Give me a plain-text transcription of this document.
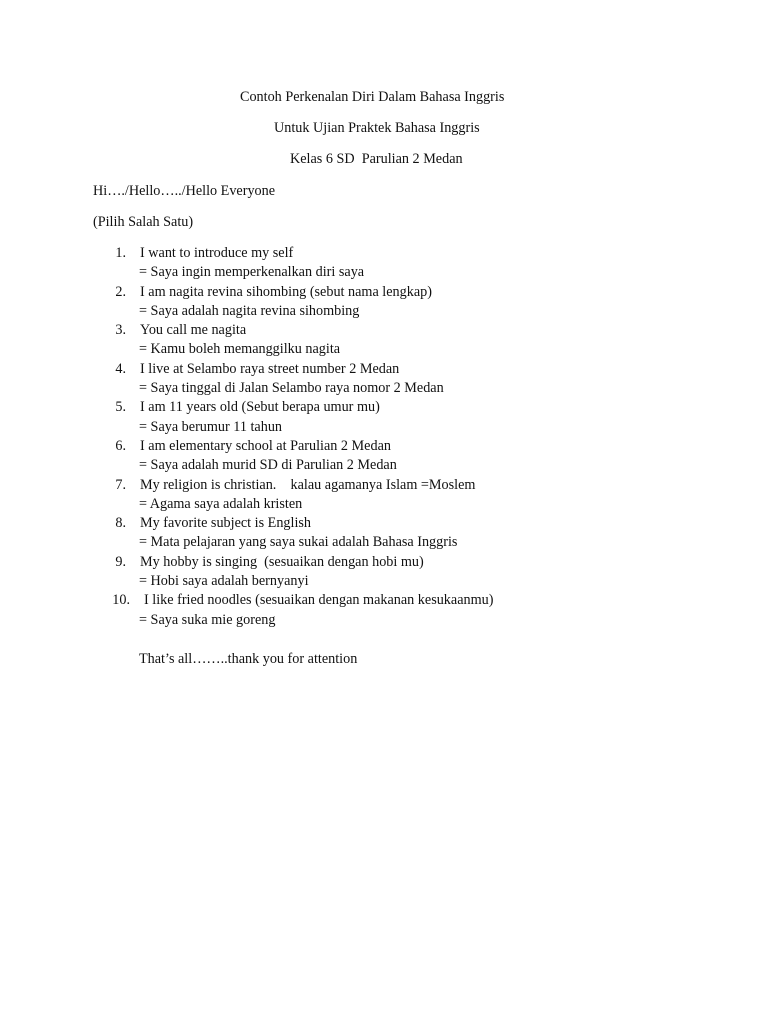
Contoh Perkenalan Diri Dalam Bahasa Inggris
Untuk Ujian Praktek Bahasa Inggris
Kelas 6 SD  Parulian 2 Medan
Hi…./Hello…../Hello Everyone
(Pilih Salah Satu)
1. I want to introduce my self
= Saya ingin memperkenalkan diri saya
2. I am nagita revina sihombing (sebut nama lengkap)
= Saya adalah nagita revina sihombing
3. You call me nagita
= Kamu boleh memanggilku nagita
4. I live at Selambo raya street number 2 Medan
= Saya tinggal di Jalan Selambo raya nomor 2 Medan
5. I am 11 years old (Sebut berapa umur mu)
= Saya berumur 11 tahun
6. I am elementary school at Parulian 2 Medan
= Saya adalah murid SD di Parulian 2 Medan
7. My religion is christian.    kalau agamanya Islam =Moslem
= Agama saya adalah kristen
8. My favorite subject is English
= Mata pelajaran yang saya sukai adalah Bahasa Inggris
9. My hobby is singing  (sesuaikan dengan hobi mu)
= Hobi saya adalah bernyanyi
10. I like fried noodles (sesuaikan dengan makanan kesukaanmu)
= Saya suka mie goreng
That’s all……..thank you for attention
